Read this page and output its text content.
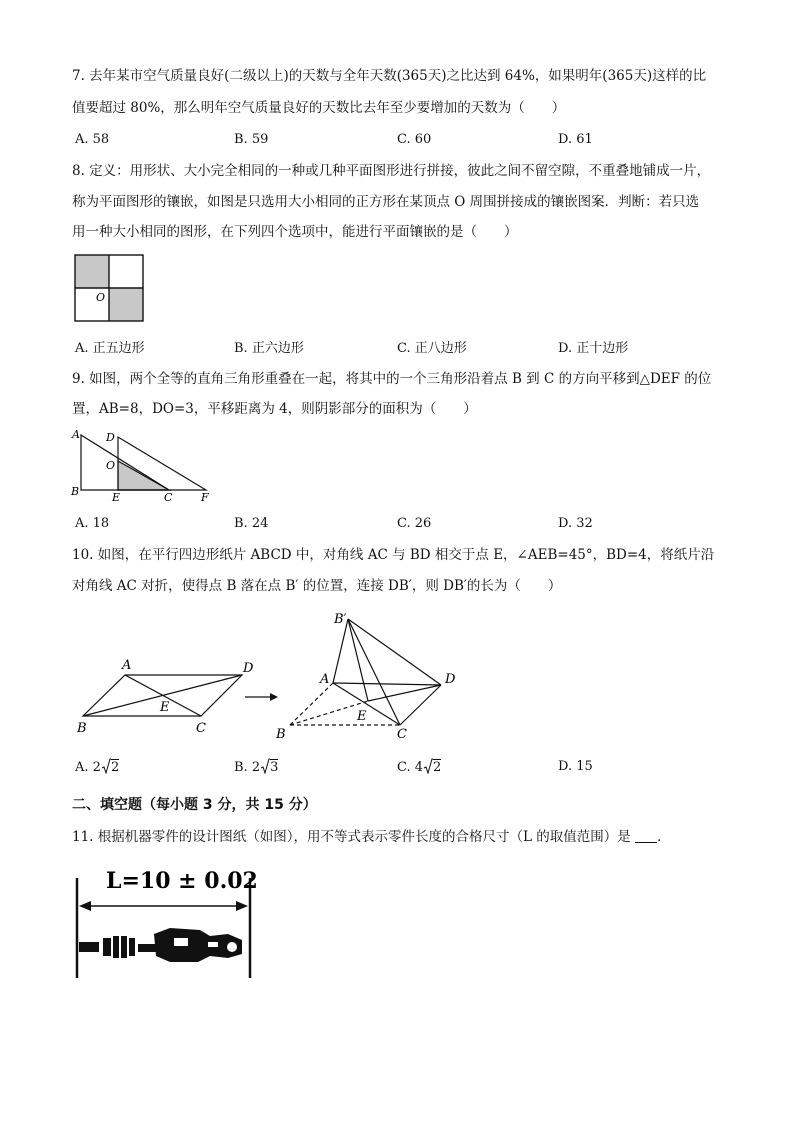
7. 去年某市空气质量良好(二级以上)的天数与全年天数(365天)之比达到 64%，如果明年(365天)这样的比
值要超过 80%，那么明年空气质量良好的天数比去年至少要增加的天数为（　　）
A. 58	B. 59	C. 60	D. 61
8. 定义：用形状、大小完全相同的一种或几种平面图形进行拼接，彼此之间不留空隙，不重叠地铺成一片，
称为平面图形的镶嵌，如图是只选用大小相同的正方形在某顶点 O 周围拼接成的镶嵌图案．判断：若只选
用一种大小相同的图形，在下列四个选项中，能进行平面镶嵌的是（　　）
O
A. 正五边形	B. 正六边形	C. 正八边形	D. 正十边形
9. 如图，两个全等的直角三角形重叠在一起，将其中的一个三角形沿着点 B 到 C 的方向平移到△DEF 的位
置，AB=8，DO=3，平移距离为 4，则阴影部分的面积为（　　）
A D
O
B	E	C	F
A. 18	B. 24	C. 26	D. 32
10. 如图，在平行四边形纸片 ABCD 中，对角线 AC 与 BD 相交于点 E，∠AEB=45°，BD=4，将纸片沿
对角线 AC 对折，使得点 B 落在点 B′ 的位置，连接 DB′，则 DB′的长为（　　）
A	D
E
B	C
B′
A	D
E
B	C
A. 2 2	B. 2 3	C. 4 2	D. 15
二、填空题（每小题 3 分，共 15 分）
11. 根据机器零件的设计图纸（如图），用不等式表示零件长度的合格尺寸（L 的取值范围）是 ．
L=10 ± 0.02
